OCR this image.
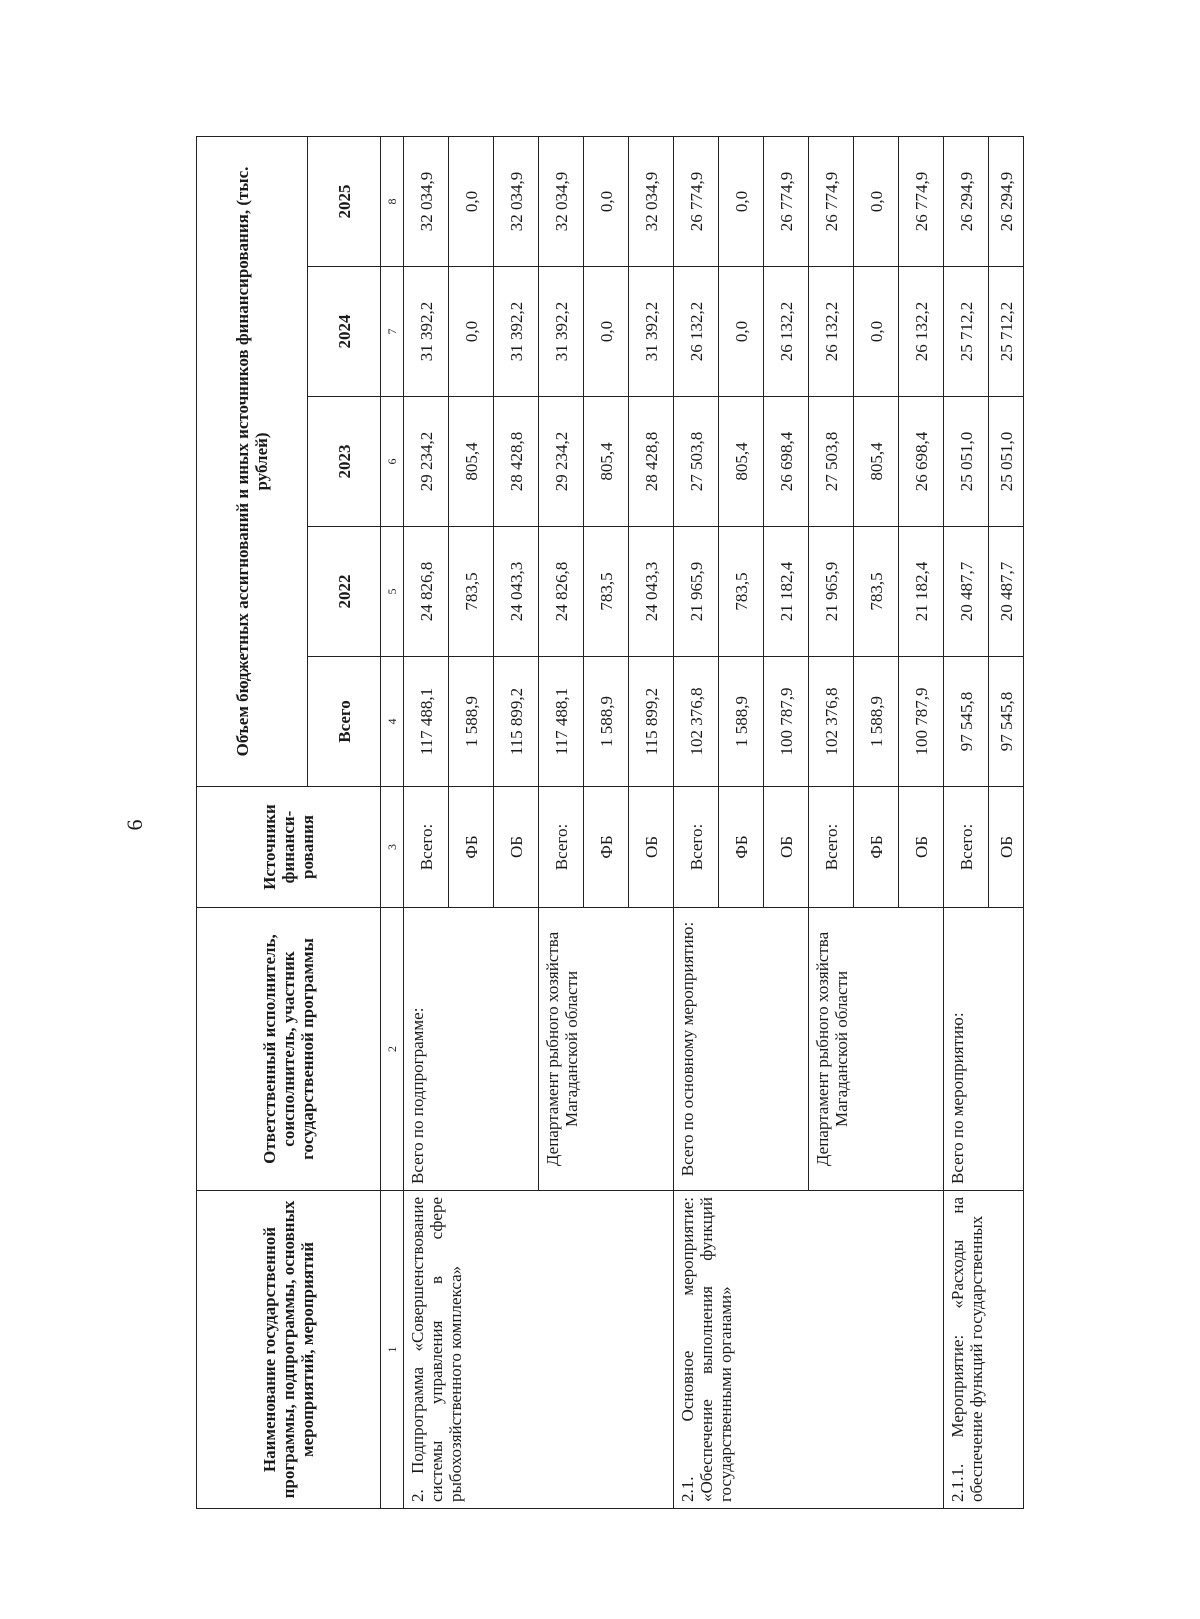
6
Наименование государственной программы, подпрограммы, основных мероприятий, мероприятий	Ответственный исполнитель, соисполнитель, участник государственной программы	Источники финанси-рования	Объем бюджетных ассигнований и иных источников финансирования, (тыс. рублей)				
			Всего	2022	2023	2024	2025
1	2	3	4	5	6	7	8
2. Подпрограмма «Совершенствование системы управления в сфере рыбохозяйственного комплекса»	Всего по подпрограмме:	Всего:	117 488,1	24 826,8	29 234,2	31 392,2	32 034,9
		ФБ	1 588,9	783,5	805,4	0,0	0,0
		ОБ	115 899,2	24 043,3	28 428,8	31 392,2	32 034,9
	Департамент рыбного хозяйства Магаданской области	Всего:	117 488,1	24 826,8	29 234,2	31 392,2	32 034,9
		ФБ	1 588,9	783,5	805,4	0,0	0,0
		ОБ	115 899,2	24 043,3	28 428,8	31 392,2	32 034,9
2.1. Основное мероприятие: «Обеспечение выполнения функций государственными органами»	Всего по основному мероприятию:	Всего:	102 376,8	21 965,9	27 503,8	26 132,2	26 774,9
		ФБ	1 588,9	783,5	805,4	0,0	0,0
		ОБ	100 787,9	21 182,4	26 698,4	26 132,2	26 774,9
	Департамент рыбного хозяйства Магаданской области	Всего:	102 376,8	21 965,9	27 503,8	26 132,2	26 774,9
		ФБ	1 588,9	783,5	805,4	0,0	0,0
		ОБ	100 787,9	21 182,4	26 698,4	26 132,2	26 774,9
2.1.1. Мероприятие: «Расходы на обеспечение функций государственных	Всего по мероприятию:	Всего:	97 545,8	20 487,7	25 051,0	25 712,2	26 294,9
		ОБ	97 545,8	20 487,7	25 051,0	25 712,2	26 294,9
